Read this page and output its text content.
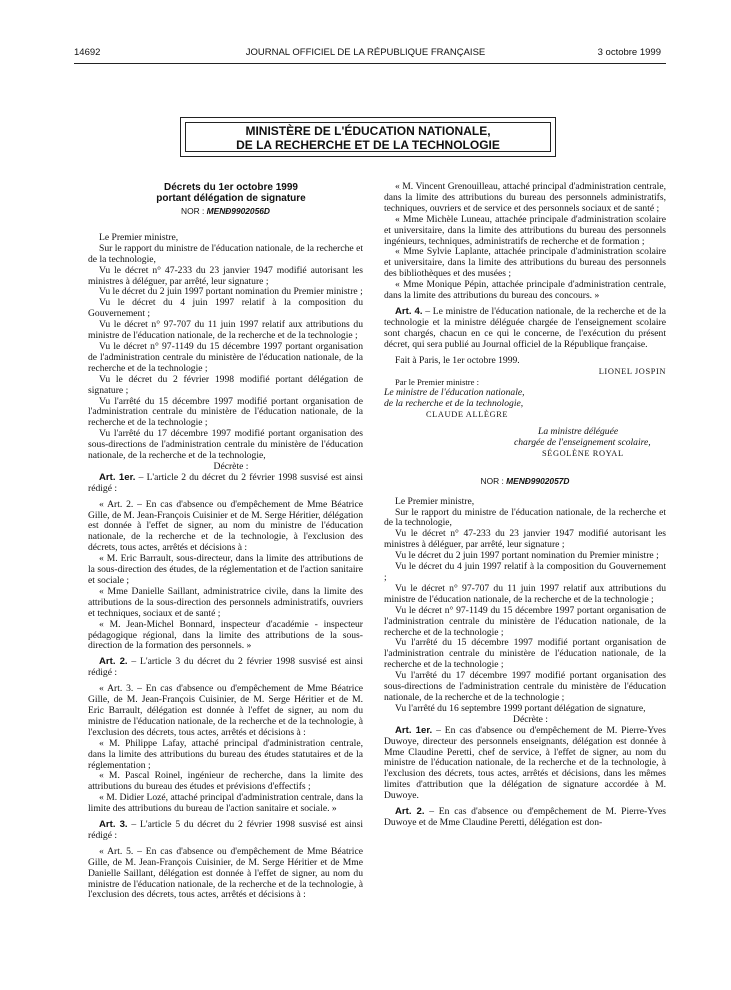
14692	JOURNAL OFFICIEL DE LA RÉPUBLIQUE FRANÇAISE	3 octobre 1999
MINISTÈRE DE L'ÉDUCATION NATIONALE,
DE LA RECHERCHE ET DE LA TECHNOLOGIE

Décrets du 1er octobre 1999

portant délégation de signature

NOR : MENÐ9902056D

Le Premier ministre,

Sur le rapport du ministre de l'éducation nationale, de la recherche et de la technologie,

Vu le décret n° 47-233 du 23 janvier 1947 modifié autorisant les ministres à déléguer, par arrêté, leur signature ;

Vu le décret du 2 juin 1997 portant nomination du Premier ministre ;

Vu le décret du 4 juin 1997 relatif à la composition du Gouvernement ;

Vu le décret n° 97-707 du 11 juin 1997 relatif aux attributions du ministre de l'éducation nationale, de la recherche et de la technologie ;

Vu le décret n° 97-1149 du 15 décembre 1997 portant organisation de l'administration centrale du ministère de l'éducation nationale, de la recherche et de la technologie ;

Vu le décret du 2 février 1998 modifié portant délégation de signature ;

Vu l'arrêté du 15 décembre 1997 modifié portant organisation de l'administration centrale du ministère de l'éducation nationale, de la recherche et de la technologie ;

Vu l'arrêté du 17 décembre 1997 modifié portant organisation des sous-directions de l'administration centrale du ministère de l'éducation nationale, de la recherche et de la technologie,

Décrète :

Art. 1er. – L'article 2 du décret du 2 février 1998 susvisé est ainsi rédigé :

« Art. 2. – En cas d'absence ou d'empêchement de Mme Béatrice Gille, de M. Jean-François Cuisinier et de M. Serge Héritier, délégation est donnée à l'effet de signer, au nom du ministre de l'éducation nationale, de la recherche et de la technologie, à l'exclusion des décrets, tous actes, arrêtés et décisions à :

« M. Eric Barrault, sous-directeur, dans la limite des attributions de la sous-direction des études, de la réglementation et de l'action sanitaire et sociale ;

« Mme Danielle Saillant, administratrice civile, dans la limite des attributions de la sous-direction des personnels administratifs, ouvriers et techniques, sociaux et de santé ;

« M. Jean-Michel Bonnard, inspecteur d'académie - inspecteur pédagogique régional, dans la limite des attributions de la sous-direction de la formation des personnels. »

Art. 2. – L'article 3 du décret du 2 février 1998 susvisé est ainsi rédigé :

« Art. 3. – En cas d'absence ou d'empêchement de Mme Béatrice Gille, de M. Jean-François Cuisinier, de M. Serge Héritier et de M. Eric Barrault, délégation est donnée à l'effet de signer, au nom du ministre de l'éducation nationale, de la recherche et de la technologie, à l'exclusion des décrets, tous actes, arrêtés et décisions à :

« M. Philippe Lafay, attaché principal d'administration centrale, dans la limite des attributions du bureau des études statutaires et de la réglementation ;

« M. Pascal Roinel, ingénieur de recherche, dans la limite des attributions du bureau des études et prévisions d'effectifs ;

« M. Didier Lozé, attaché principal d'administration centrale, dans la limite des attributions du bureau de l'action sanitaire et sociale. »

Art. 3. – L'article 5 du décret du 2 février 1998 susvisé est ainsi rédigé :

« Art. 5. – En cas d'absence ou d'empêchement de Mme Béatrice Gille, de M. Jean-François Cuisinier, de M. Serge Héritier et de Mme Danielle Saillant, délégation est donnée à l'effet de signer, au nom du ministre de l'éducation nationale, de la recherche et de la technologie, à l'exclusion des décrets, tous actes, arrêtés et décisions à :

« M. Vincent Grenouilleau, attaché principal d'administration centrale, dans la limite des attributions du bureau des personnels administratifs, techniques, ouvriers et de service et des personnels sociaux et de santé ;

« Mme Michèle Luneau, attachée principale d'administration scolaire et universitaire, dans la limite des attributions du bureau des personnels ingénieurs, techniques, administratifs de recherche et de formation ;

« Mme Sylvie Laplante, attachée principale d'administration scolaire et universitaire, dans la limite des attributions du bureau des personnels des bibliothèques et des musées ;

« Mme Monique Pépin, attachée principale d'administration centrale, dans la limite des attributions du bureau des concours. »

Art. 4. – Le ministre de l'éducation nationale, de la recherche et de la technologie et la ministre déléguée chargée de l'enseignement scolaire sont chargés, chacun en ce qui le concerne, de l'exécution du présent décret, qui sera publié au Journal officiel de la République française.

Fait à Paris, le 1er octobre 1999.

LIONEL JOSPIN

Par le Premier ministre :

Le ministre de l'éducation nationale,

de la recherche et de la technologie,

CLAUDE ALLÈGRE

La ministre déléguée

chargée de l'enseignement scolaire,

SÉGOLÈNE ROYAL

NOR : MENÐ9902057D

Le Premier ministre,

Sur le rapport du ministre de l'éducation nationale, de la recherche et de la technologie,

Vu le décret n° 47-233 du 23 janvier 1947 modifié autorisant les ministres à déléguer, par arrêté, leur signature ;

Vu le décret du 2 juin 1997 portant nomination du Premier ministre ;

Vu le décret du 4 juin 1997 relatif à la composition du Gouvernement ;

Vu le décret n° 97-707 du 11 juin 1997 relatif aux attributions du ministre de l'éducation nationale, de la recherche et de la technologie ;

Vu le décret n° 97-1149 du 15 décembre 1997 portant organisation de l'administration centrale du ministère de l'éducation nationale, de la recherche et de la technologie ;

Vu l'arrêté du 15 décembre 1997 modifié portant organisation de l'administration centrale du ministère de l'éducation nationale, de la recherche et de la technologie ;

Vu l'arrêté du 17 décembre 1997 modifié portant organisation des sous-directions de l'administration centrale du ministère de l'éducation nationale, de la recherche et de la technologie ;

Vu l'arrêté du 16 septembre 1999 portant délégation de signature,

Décrète :

Art. 1er. – En cas d'absence ou d'empêchement de M. Pierre-Yves Duwoye, directeur des personnels enseignants, délégation est donnée à Mme Claudine Peretti, chef de service, à l'effet de signer, au nom du ministre de l'éducation nationale, de la recherche et de la technologie, à l'exclusion des décrets, tous actes, arrêtés et décisions, dans les mêmes limites d'attribution que la délégation de signature accordée à M. Duwoye.

Art. 2. – En cas d'absence ou d'empêchement de M. Pierre-Yves Duwoye et de Mme Claudine Peretti, délégation est don-
